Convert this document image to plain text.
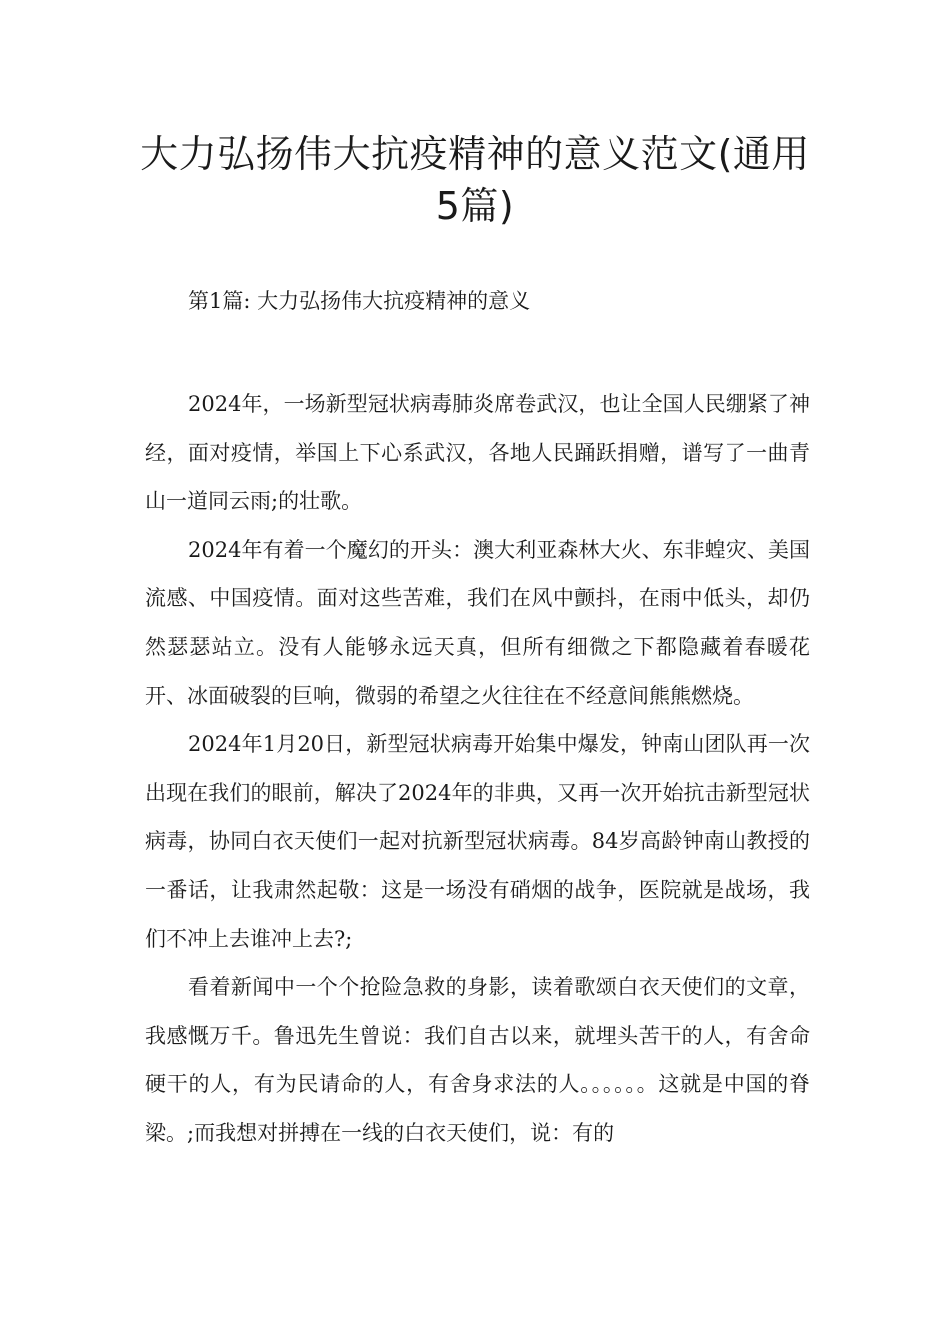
大力弘扬伟大抗疫精神的意义范文(通用5篇)
第1篇: 大力弘扬伟大抗疫精神的意义

2024年，一场新型冠状病毒肺炎席卷武汉，也让全国人民绷紧了神经，面对疫情，举国上下心系武汉，各地人民踊跃捐赠，谱写了一曲青山一道同云雨;的壮歌。

2024年有着一个魔幻的开头：澳大利亚森林大火、东非蝗灾、美国流感、中国疫情。面对这些苦难，我们在风中颤抖，在雨中低头，却仍然瑟瑟站立。没有人能够永远天真，但所有细微之下都隐藏着春暖花开、冰面破裂的巨响，微弱的希望之火往往在不经意间熊熊燃烧。

2024年1月20日，新型冠状病毒开始集中爆发，钟南山团队再一次出现在我们的眼前，解决了2024年的非典，又再一次开始抗击新型冠状病毒，协同白衣天使们一起对抗新型冠状病毒。84岁高龄钟南山教授的一番话，让我肃然起敬：这是一场没有硝烟的战争，医院就是战场，我们不冲上去谁冲上去?;

看着新闻中一个个抢险急救的身影，读着歌颂白衣天使们的文章，我感慨万千。鲁迅先生曾说：我们自古以来，就埋头苦干的人，有舍命硬干的人，有为民请命的人，有舍身求法的人。。。。。。这就是中国的脊梁。;而我想对拼搏在一线的白衣天使们，说：有的
